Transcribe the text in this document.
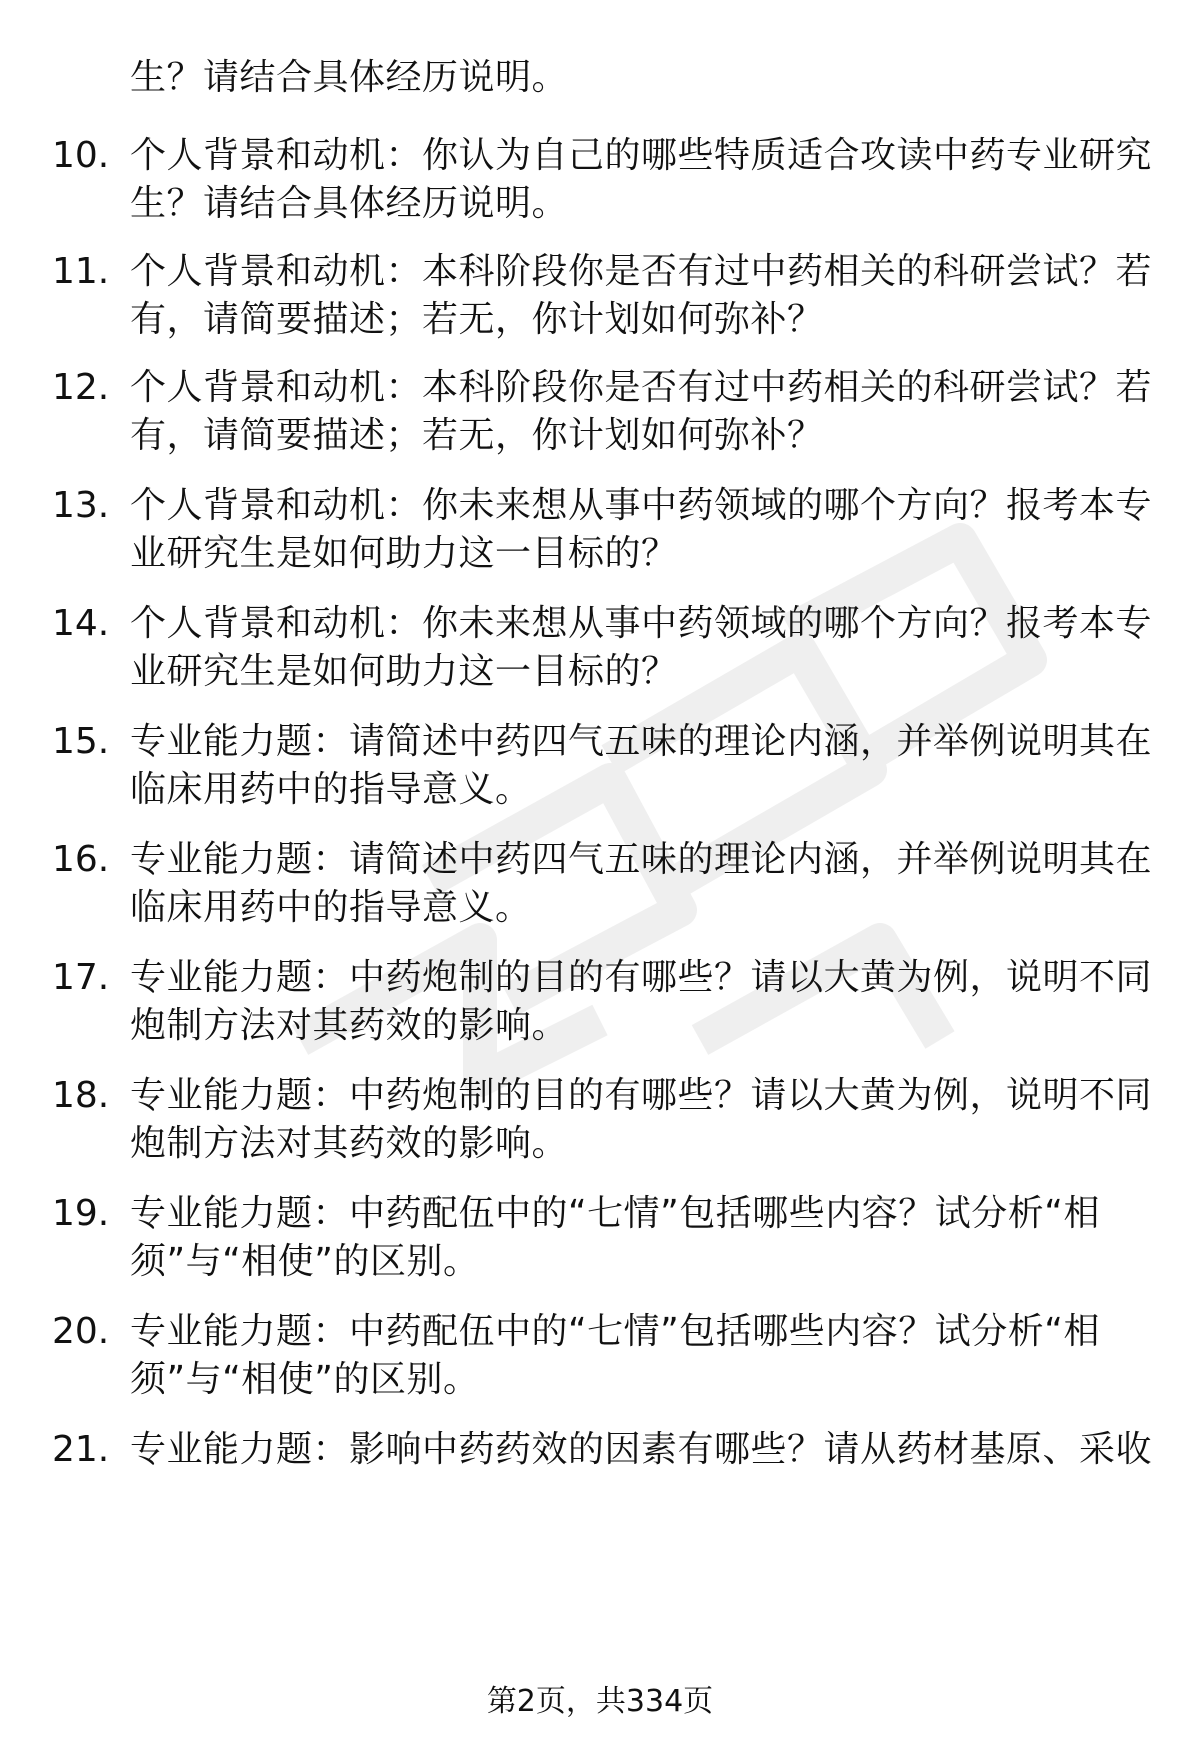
生？请结合具体经历说明。
10. 个人背景和动机：你认为自己的哪些特质适合攻读中药专业研究
生？请结合具体经历说明。
11. 个人背景和动机：本科阶段你是否有过中药相关的科研尝试？若
有，请简要描述；若无，你计划如何弥补？
12. 个人背景和动机：本科阶段你是否有过中药相关的科研尝试？若
有，请简要描述；若无，你计划如何弥补？
13. 个人背景和动机：你未来想从事中药领域的哪个方向？报考本专
业研究生是如何助力这一目标的？
14. 个人背景和动机：你未来想从事中药领域的哪个方向？报考本专
业研究生是如何助力这一目标的？
15. 专业能力题：请简述中药四气五味的理论内涵，并举例说明其在
临床用药中的指导意义。
16. 专业能力题：请简述中药四气五味的理论内涵，并举例说明其在
临床用药中的指导意义。
17. 专业能力题：中药炮制的目的有哪些？请以大黄为例，说明不同
炮制方法对其药效的影响。
18. 专业能力题：中药炮制的目的有哪些？请以大黄为例，说明不同
炮制方法对其药效的影响。
19. 专业能力题：中药配伍中的“七情”包括哪些内容？试分析“相
须”与“相使”的区别。
20. 专业能力题：中药配伍中的“七情”包括哪些内容？试分析“相
须”与“相使”的区别。
21. 专业能力题：影响中药药效的因素有哪些？请从药材基原、采收
第2页，共334页
